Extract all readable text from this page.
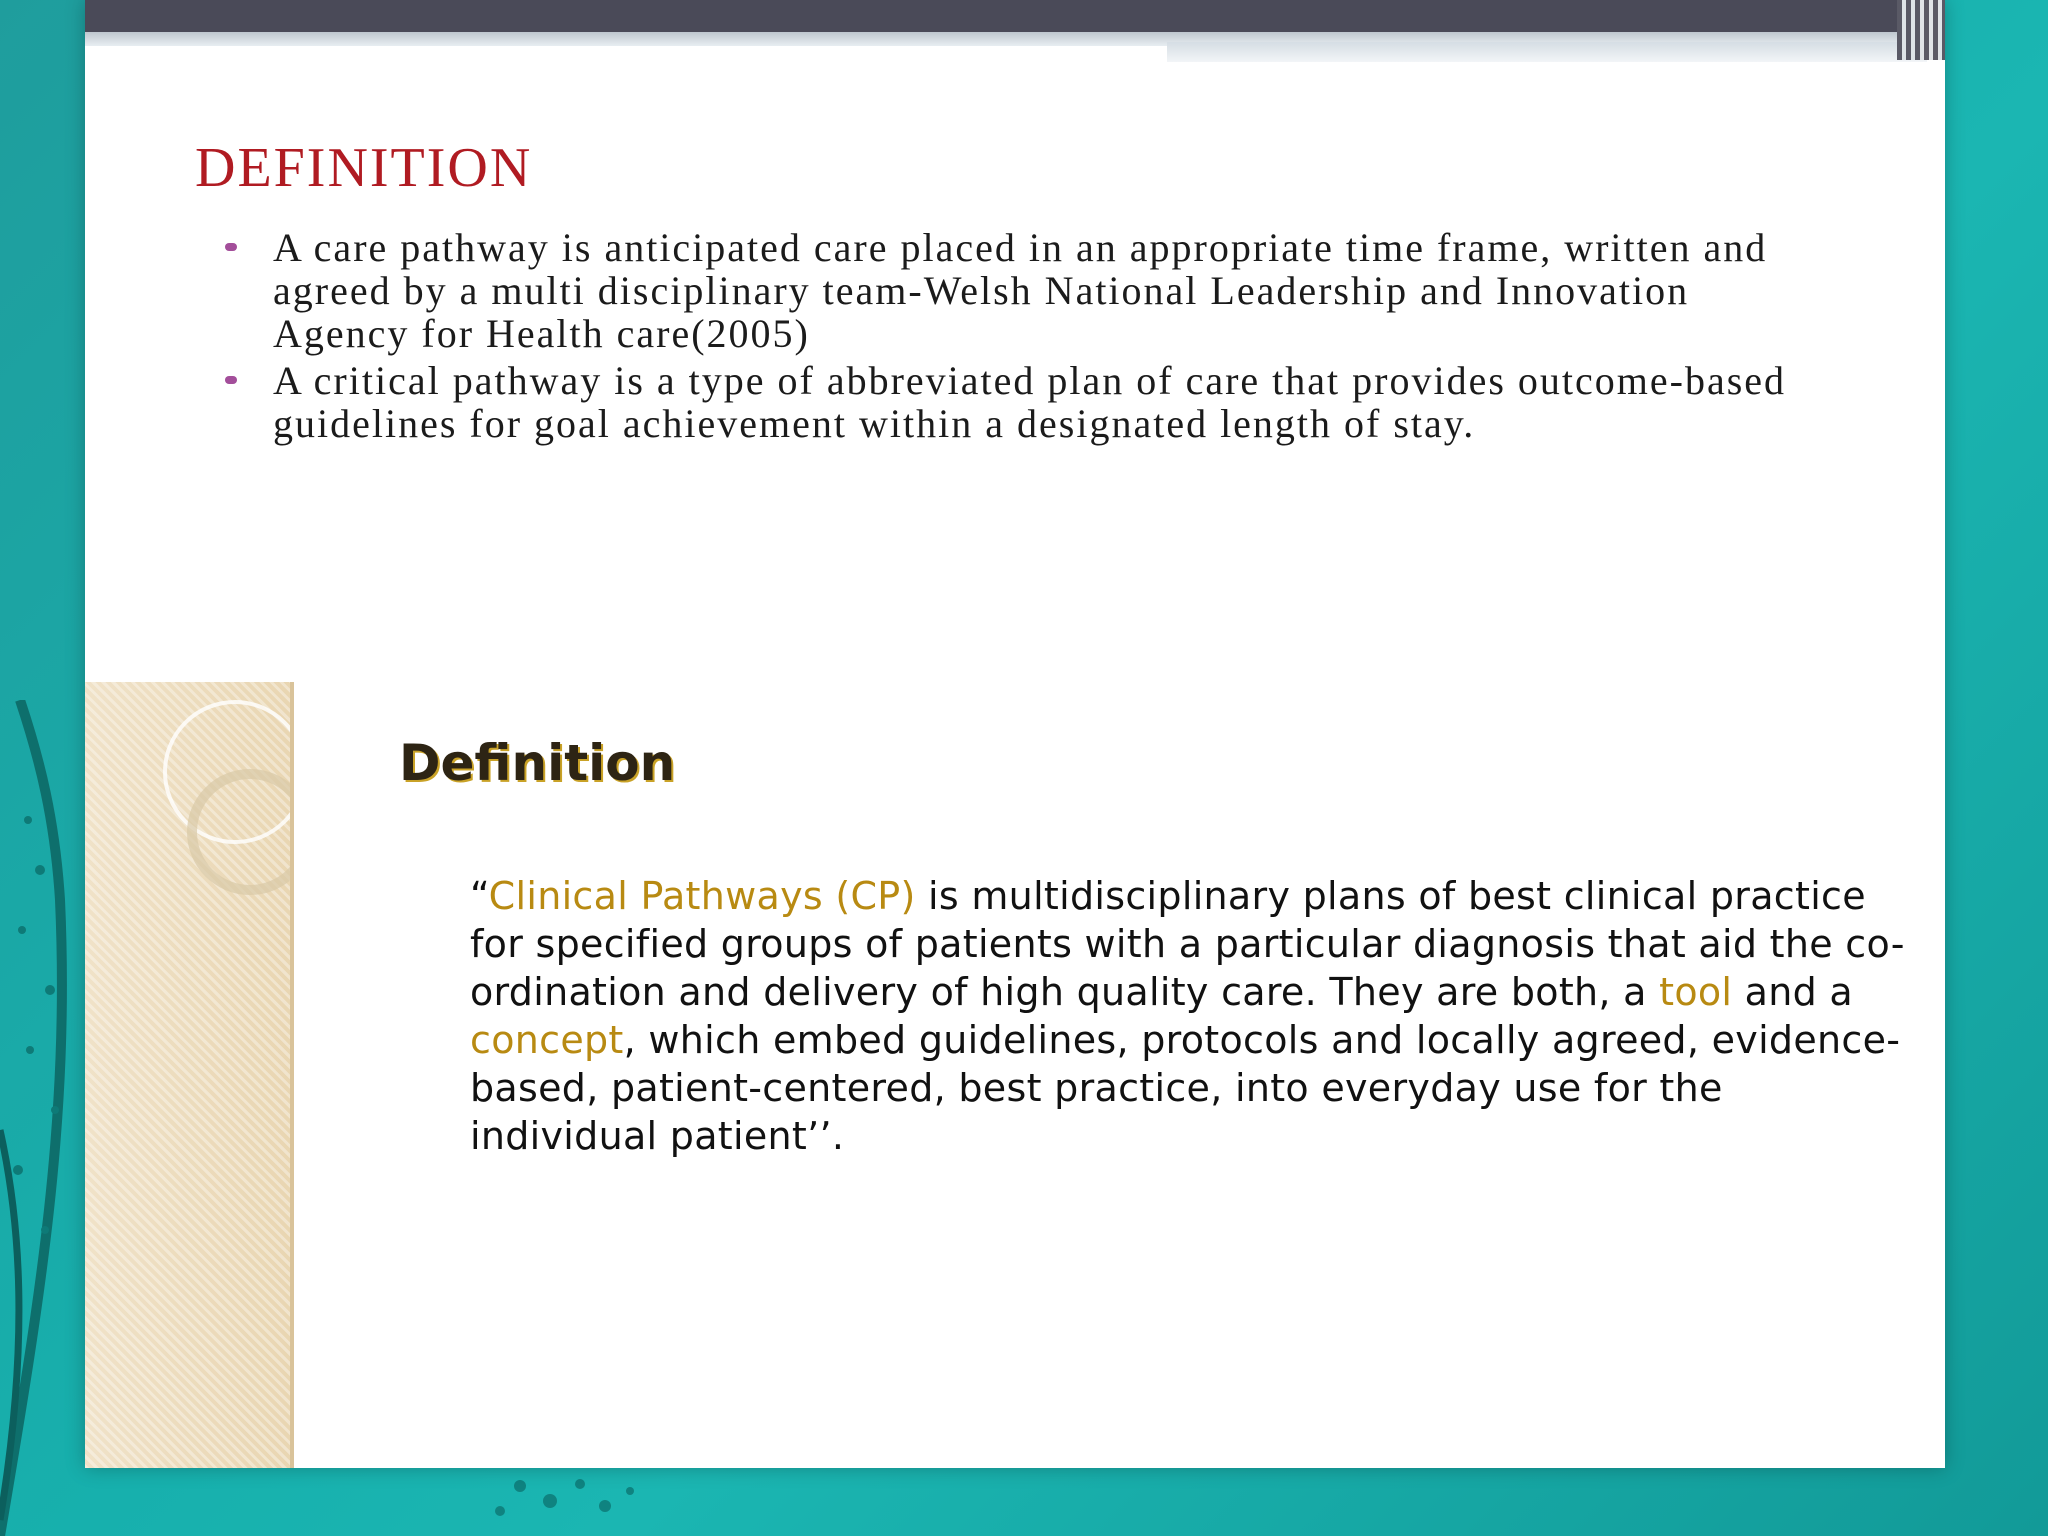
DEFINITION
A care pathway is anticipated care placed in an appropriate time frame, written and agreed by a multi disciplinary team-Welsh National Leadership and Innovation Agency for Health care(2005)
A critical pathway is a type of abbreviated plan of care that provides outcome-based guidelines for goal achievement within a designated length of stay.
Definition

“Clinical Pathways (CP) is multidisciplinary plans of best clinical practice for specified groups of patients with a particular diagnosis that aid the co-ordination and delivery of high quality care. They are both, a tool and a concept, which embed guidelines, protocols and locally agreed, evidence-based, patient-centered, best practice, into everyday use for the individual patient’’.
